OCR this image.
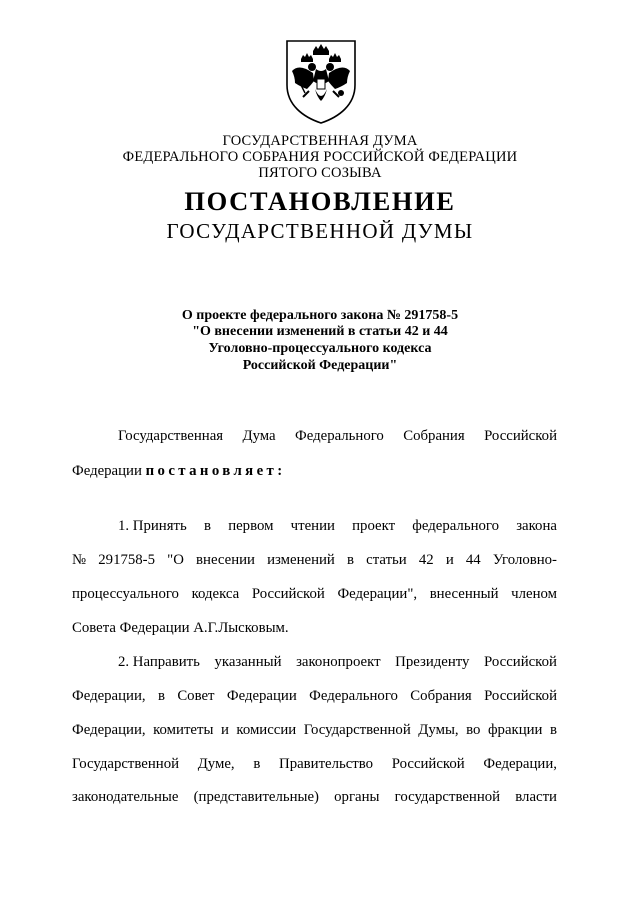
ГОСУДАРСТВЕННАЯ ДУМА
ФЕДЕРАЛЬНОГО СОБРАНИЯ РОССИЙСКОЙ ФЕДЕРАЦИИ
ПЯТОГО СОЗЫВА
ПОСТАНОВЛЕНИЕ
ГОСУДАРСТВЕННОЙ ДУМЫ
О проекте федерального закона № 291758-5
"О внесении изменений в статьи 42 и 44
Уголовно-процессуального кодекса
Российской Федерации"
Государственная Дума Федерального Собрания Российской
Федерации постановляет:
1. Принять в первом чтении проект федерального закона
№ 291758-5 "О внесении изменений в статьи 42 и 44 Уголовно-
процессуального кодекса Российской Федерации", внесенный членом
Совета Федерации А.Г.Лысковым.
2. Направить указанный законопроект Президенту Российской
Федерации, в Совет Федерации Федерального Собрания Российской
Федерации, комитеты и комиссии Государственной Думы, во фракции в
Государственной Думе, в Правительство Российской Федерации,
законодательные (представительные) органы государственной власти
